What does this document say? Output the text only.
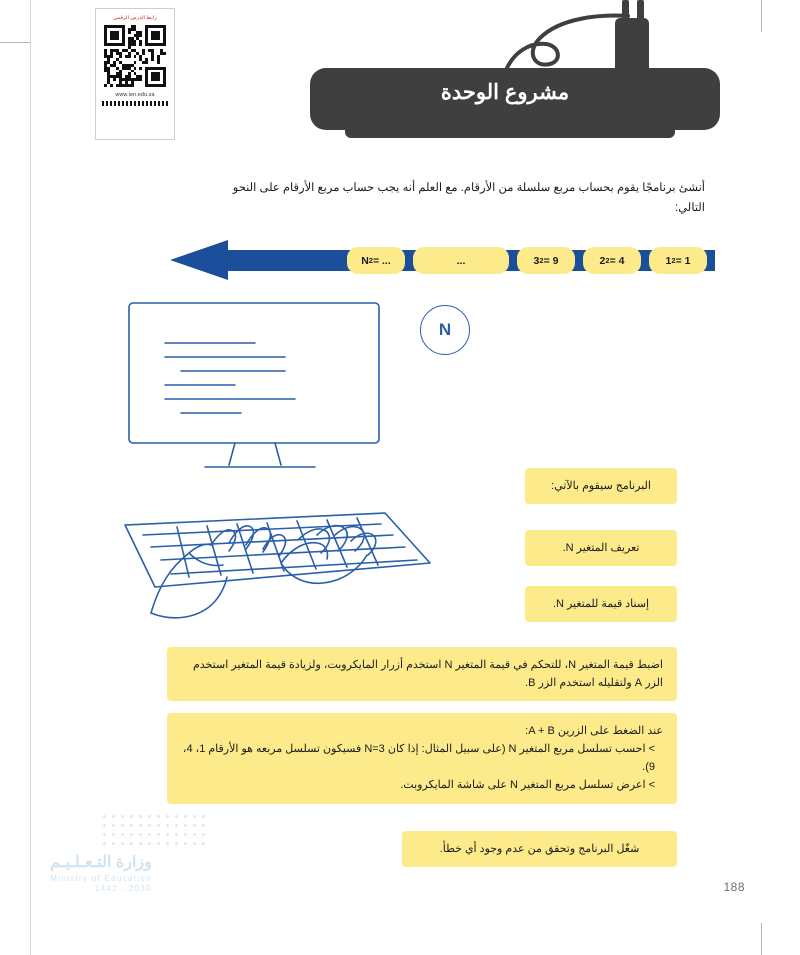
رابط الدرس الرقمي
www.ien.edu.sa	مشروع الوحدة
أنشئ برنامجًا يقوم بحساب مربع سلسلة من الأرقام. مع العلم أنه يجب حساب مربع الأرقام على النحو التالي:
1 2 = 1
2 2 = 4
3 2 = 9
...
N 2 = ...
N
البرنامج سيقوم بالآتي:
تعريف المتغير N.
إسناد قيمة للمتغير N.
اضبط قيمة المتغير N، للتحكم في قيمة المتغير N استخدم أزرار المايكروبت، ولزيادة قيمة المتغير استخدم الزر A ولتقليله استخدم الزر B.
عند الضغط على الزرين A + B:
> احسب تسلسل مربع المتغير N (على سبيل المثال: إذا كان N=3 فسيكون تسلسل مربعه هو الأرقام 1، 4، 9).
> اعرض تسلسل مربع المتغير N على شاشة المايكروبت.
شغّل البرنامج وتحقق من عدم وجود أي خطأ.
وزارة التـعـلـيـم
Ministry of Education
2030 - 1442	188
